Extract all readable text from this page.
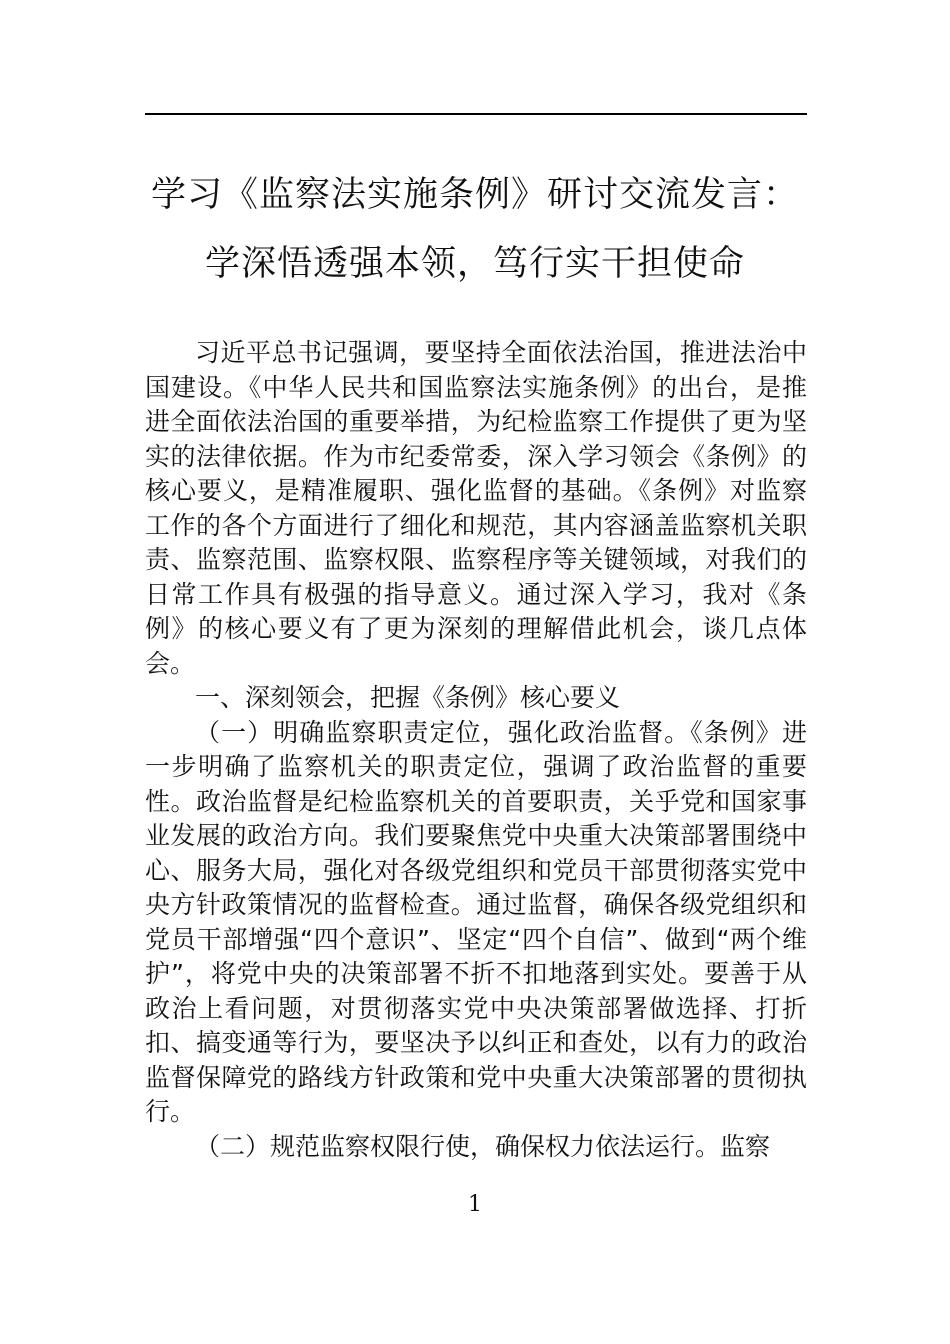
学习《监察法实施条例》研讨交流发言：
学深悟透强本领，笃行实干担使命

习近平总书记强调，要坚持全面依法治国，推进法治中国建设。《中华人民共和国监察法实施条例》的出台，是推进全面依法治国的重要举措，为纪检监察工作提供了更为坚实的法律依据。作为市纪委常委，深入学习领会《条例》的核心要义，是精准履职、强化监督的基础。《条例》对监察工作的各个方面进行了细化和规范，其内容涵盖监察机关职责、监察范围、监察权限、监察程序等关键领域，对我们的日常工作具有极强的指导意义。通过深入学习，我对《条例》的核心要义有了更为深刻的理解借此机会，谈几点体会。

一、深刻领会，把握《条例》核心要义

（一）明确监察职责定位，强化政治监督。《条例》进一步明确了监察机关的职责定位，强调了政治监督的重要性。政治监督是纪检监察机关的首要职责，关乎党和国家事业发展的政治方向。我们要聚焦党中央重大决策部署围绕中心、服务大局，强化对各级党组织和党员干部贯彻落实党中央方针政策情况的监督检查。通过监督，确保各级党组织和党员干部增强“四个意识”、坚定“四个自信”、做到“两个维护”，将党中央的决策部署不折不扣地落到实处。要善于从政治上看问题，对贯彻落实党中央决策部署做选择、打折扣、搞变通等行为，要坚决予以纠正和查处，以有力的政治监督保障党的路线方针政策和党中央重大决策部署的贯彻执行。

（二）规范监察权限行使，确保权力依法运行。监察

1
